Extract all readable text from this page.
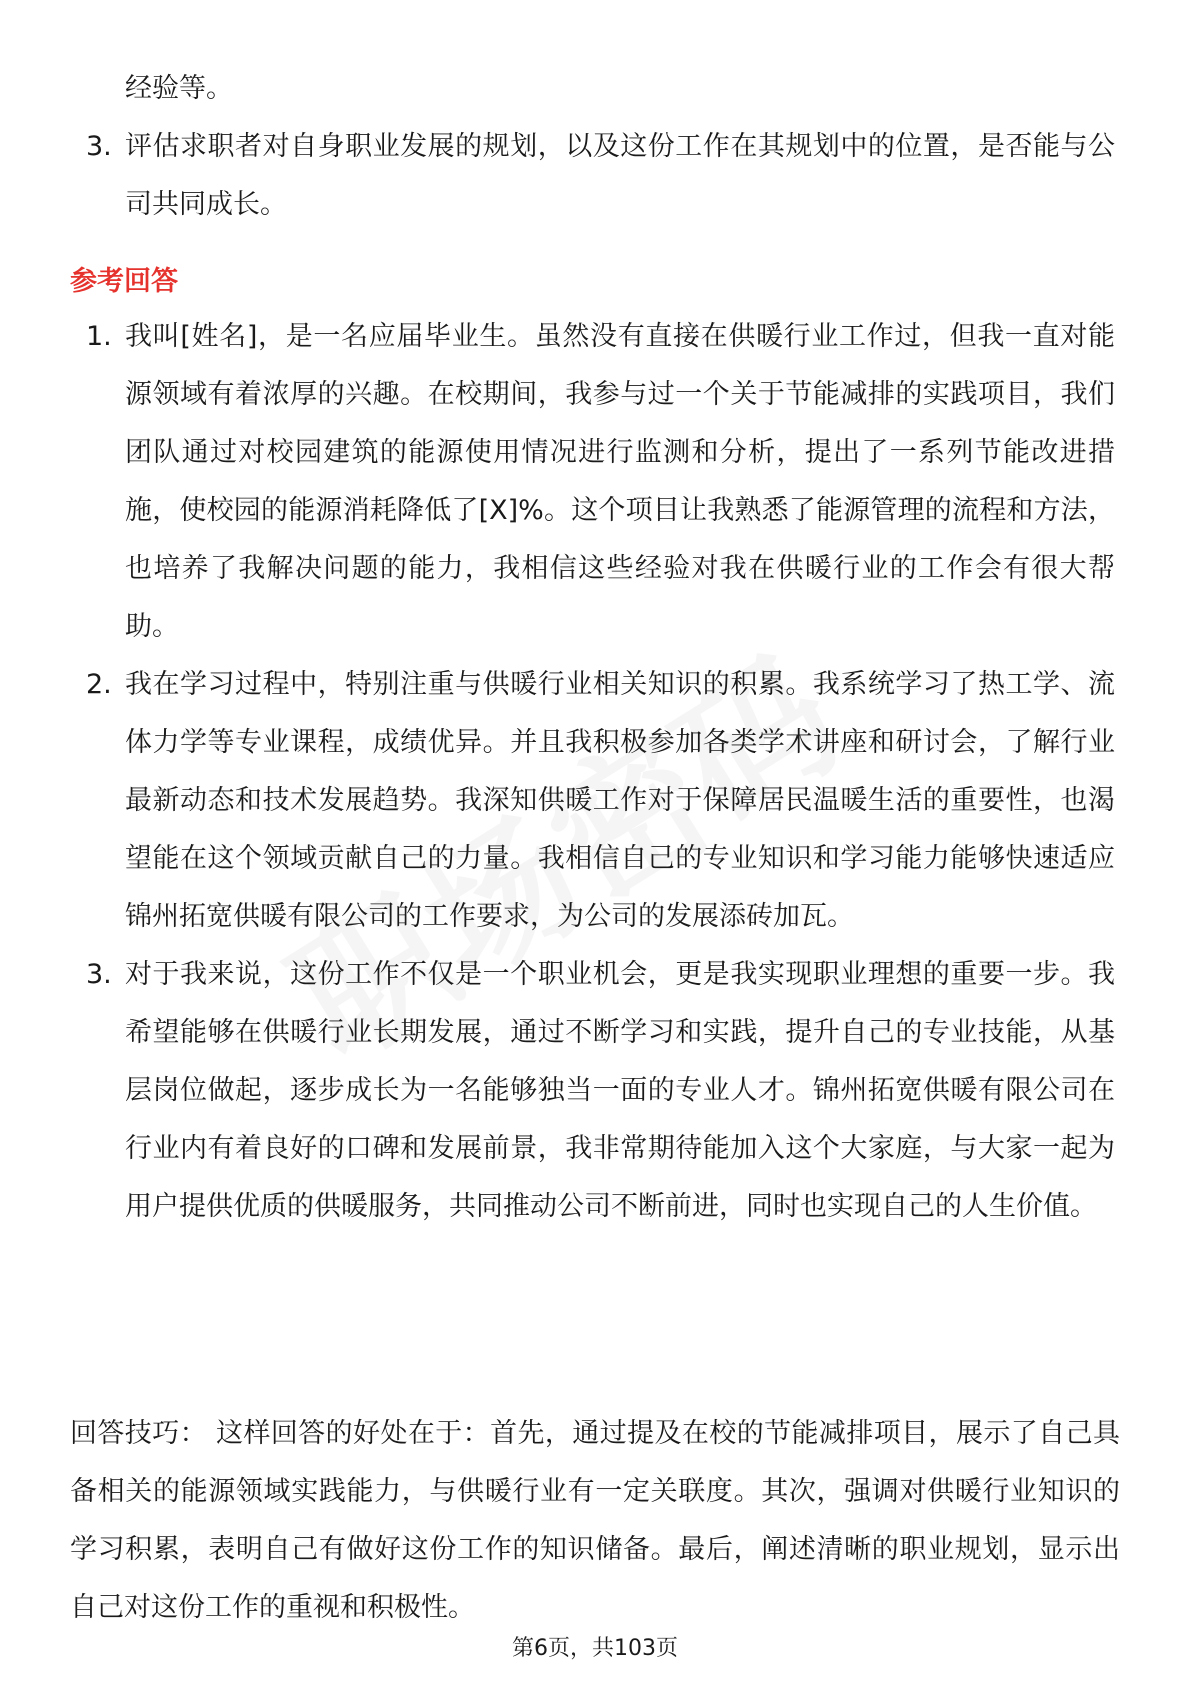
经验等。

3. 评估求职者对自身职业发展的规划，以及这份工作在其规划中的位置，是否能与公司共同成长。

参考回答
1. 我叫[姓名]，是一名应届毕业生。虽然没有直接在供暖行业工作过，但我一直对能源领域有着浓厚的兴趣。在校期间，我参与过一个关于节能减排的实践项目，我们团队通过对校园建筑的能源使用情况进行监测和分析，提出了一系列节能改进措施，使校园的能源消耗降低了[X]%。这个项目让我熟悉了能源管理的流程和方法，也培养了我解决问题的能力，我相信这些经验对我在供暖行业的工作会有很大帮助。

2. 我在学习过程中，特别注重与供暖行业相关知识的积累。我系统学习了热工学、流体力学等专业课程，成绩优异。并且我积极参加各类学术讲座和研讨会，了解行业最新动态和技术发展趋势。我深知供暖工作对于保障居民温暖生活的重要性，也渴望能在这个领域贡献自己的力量。我相信自己的专业知识和学习能力能够快速适应锦州拓宽供暖有限公司的工作要求，为公司的发展添砖加瓦。

3. 对于我来说，这份工作不仅是一个职业机会，更是我实现职业理想的重要一步。我希望能够在供暖行业长期发展，通过不断学习和实践，提升自己的专业技能，从基层岗位做起，逐步成长为一名能够独当一面的专业人才。锦州拓宽供暖有限公司在行业内有着良好的口碑和发展前景，我非常期待能加入这个大家庭，与大家一起为用户提供优质的供暖服务，共同推动公司不断前进，同时也实现自己的人生价值。

回答技巧： 这样回答的好处在于：首先，通过提及在校的节能减排项目，展示了自己具备相关的能源领域实践能力，与供暖行业有一定关联度。其次，强调对供暖行业知识的学习积累，表明自己有做好这份工作的知识储备。最后，阐述清晰的职业规划，显示出自己对这份工作的重视和积极性。

第6页，共103页
